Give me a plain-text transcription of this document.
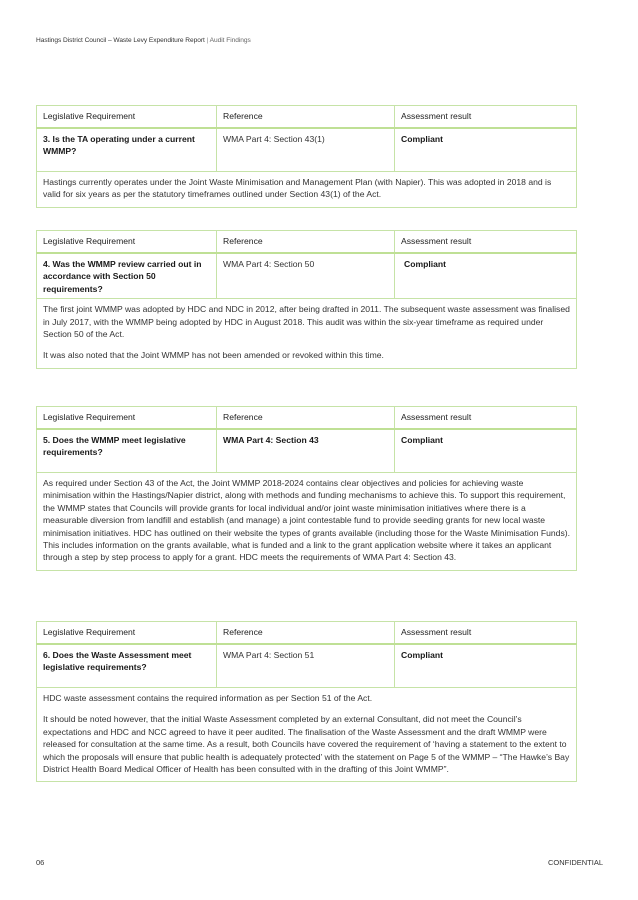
Hastings District Council – Waste Levy Expenditure Report | Audit Findings
Legislative Requirement	Reference	Assessment result
3. Is the TA operating under a current WMMP?	WMA Part 4: Section 43(1)	Compliant

Hastings currently operates under the Joint Waste Minimisation and Management Plan (with Napier). This was adopted in 2018 and is valid for six years as per the statutory timeframes outlined under Section 43(1) of the Act.		

Legislative Requirement	Reference	Assessment result
4. Was the WMMP review carried out in accordance with Section 50 requirements?	WMA Part 4: Section 50	Compliant

The first joint WMMP was adopted by HDC and NDC in 2012, after being drafted in 2011. The subsequent waste assessment was finalised in July 2017, with the WMMP being adopted by HDC in August 2018. This audit was within the six-year timeframe as required under Section 50 of the Act.

It was also noted that the Joint WMMP has not been amended or revoked within this time.		

Legislative Requirement	Reference	Assessment result
5. Does the WMMP meet legislative requirements?	WMA Part 4: Section 43	Compliant

As required under Section 43 of the Act, the Joint WMMP 2018-2024 contains clear objectives and policies for achieving waste minimisation within the Hastings/Napier district, along with methods and funding mechanisms to achieve this. To support this requirement, the WMMP states that Councils will provide grants for local individual and/or joint waste minimisation initiatives where there is a measurable diversion from landfill and establish (and manage) a joint contestable fund to provide seeding grants for new local waste minimisation initiatives. HDC has outlined on their website the types of grants available (including those for the Waste Minimisation Funds). This includes information on the grants available, what is funded and a link to the grant application website where it takes an applicant through a step by step process to apply for a grant. HDC meets the requirements of WMA Part 4: Section 43.		

Legislative Requirement	Reference	Assessment result
6. Does the Waste Assessment meet legislative requirements?	WMA Part 4: Section 51	Compliant

HDC waste assessment contains the required information as per Section 51 of the Act.

It should be noted however, that the initial Waste Assessment completed by an external Consultant, did not meet the Council’s expectations and HDC and NCC agreed to have it peer audited. The finalisation of the Waste Assessment and the draft WMMP were released for consultation at the same time. As a result, both Councils have covered the requirement of ‘having a statement to the extent to which the proposals will ensure that public health is adequately protected’ with the statement on Page 5 of the WMMP – “The Hawke’s Bay District Health Board Medical Officer of Health has been consulted with in the drafting of this Joint WMMP”.		

06	CONFIDENTIAL
